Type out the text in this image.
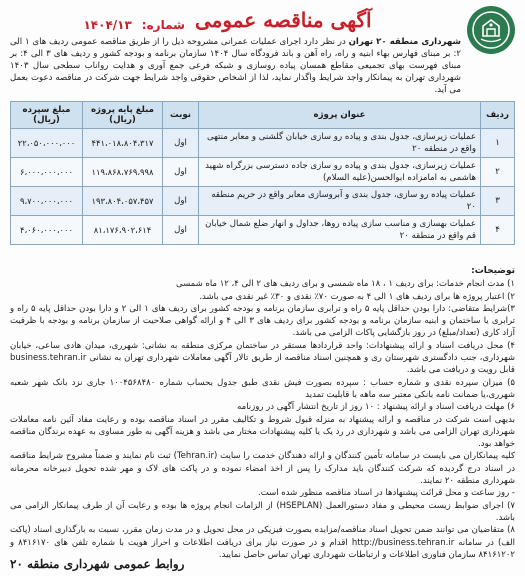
آگهی مناقصه عمومی
شماره:
۱۴۰۴/۱۳
شهرداری منطقه ۲۰ تهران در نظر دارد اجرای عملیات عمرانی مشروحه ذیل را از طریق مناقصه عمومی ردیف های ۱ الی ۲: بر مبنای فهارس بهاء ابنیه و راه، راه آهن و باند فرودگاه سال ۱۴۰۴ سازمان برنامه و بودجه کشور و ردیف های ۳ الی ۴: بر مبنای فهرست بهای تجمیعی مقاطع همسان پیاده روسازی و شبکه فرعی جمع آوری و هدایت رواناب سطحی سال ۱۴۰۳ شهرداری تهران به پیمانکار واجد شرایط واگذار نماید، لذا از اشخاص حقوقی واجد شرایط جهت شرکت در مناقصه دعوت بعمل می آید.
ردیف	عنوان پروژه	نوبت	مبلغ پایه پروژه (ریال)	مبلغ سپرده (ریال)
۱	عملیات زیرسازی، جدول بندی و پیاده رو سازی خیابان گلشنی و معابر منتهی واقع در منطقه ۲۰	اول	۴۴۱،۰۱۸،۸۰۴،۳۱۷	۲۲،۰۵۰،۰۰۰،۰۰۰
۲	عملیات زیرسازی، جدول بندی و پیاده رو سازی جاده دسترسی بزرگراه شهید هاشمی به امامزاده ابوالحسن(علیه السلام)	اول	۱۱۹،۸۶۸،۷۶۹،۹۹۸	۶،۰۰۰،۰۰۰،۰۰۰
۳	عملیات پیاده رو سازی، جدول بندی و آبروسازی معابر واقع در حریم منطقه ۲۰	اول	۱۹۳،۸۰۴،۰۵۷،۴۵۷	۹،۷۰۰،۰۰۰،۰۰۰
۴	عملیات بهسازی و مناسب سازی پیاده روها، جداول و انهار ضلع شمال خیابان قم واقع در منطقه ۲۰	اول	۸۱،۱۷۶،۹۰۲،۶۱۴	۴،۰۶۰،۰۰۰،۰۰۰
توضیحات:

۱) مدت انجام خدمات: برای ردیف ۱ ، ۱۸ ماه شمسی و برای ردیف های ۲ الی ۴، ۱۲ ماه شمسی

۲) اعتبار پروژه ها برای ردیف های ۱ الی ۴ به صورت ۷۰٪ نقدی و ۳۰٪ غیر نقدی می باشد.

۳)شرایط متقاضی: دارا بودن حداقل پایه ۵ راه و ترابری سازمان برنامه و بودجه کشور برای ردیف های ۱ الی ۲ و دارا بودن حداقل پایه ۵ راه و ترابری یا ساختمان و ابنیه سازمان برنامه و بودجه کشور برای ردیف های ۳ الی ۴ و ارائه گواهی صلاحیت از سازمان برنامه و بودجه با ظرفیت آزاد کاری (تعداد/مبلغ) در روز بازگشایی پاکات الزامی می باشد.

۴) محل دریافت اسناد و ارائه پیشنهادات: واحد قراردادها مستقر در ساختمان مرکزی منطقه به نشانی: شهرری، میدان هادی ساعی، خیابان شهرداری، جنب دادگستری شهرستان ری و همچنین اسناد مناقصه از طریق تالار آگهی معاملات شهرداری تهران به نشانی business.tehran.ir قابل رویت و دریافت می باشد.

۵) میزان سپرده نقدی و شماره حساب : سپرده بصورت فیش نقدی طبق جدول بحساب شماره ۱۰۰۴۵۶۸۴۸۰ جاری نزد بانک شهر شعبه شهرری،یا ضمانت نامه بانکی معتبر سه ماهه با قابلیت تمدید

۶) مهلت دریافت اسناد و ارائه پیشنهاد : ۱۰ روز از تاریخ انتشار آگهی در روزنامه

بدیهی است شرکت در مناقصه و ارائه پیشنهاد به منزله قبول شروط و تکالیف مقرر در اسناد مناقصه بوده و رعایت مفاد آئین نامه معاملات شهرداری تهران الزامی می باشد و شهرداری در رد یک یا کلیه پیشنهادات مختار می باشد و هزینه آگهی به طور مساوی به عهده برندگان مناقصه خواهد بود.

کلیه پیمانکاران می بایست در سامانه تأمین کنندگان و ارائه دهندگان خدمت را سایت (Tehran.ir) ثبت نام نمایند و ضمناً مشروح شرایط مناقصه در اسناد درج گردیده که شرکت کنندگان باید مدارک را پس از اخذ امضاء نموده و در پاکت های لاک و مهر شده تحویل دبیرخانه محرمانه شهرداری منطقه ۲۰ نمایند.

- روز ساعت و محل قرائت پیشنهادها در اسناد مناقصه منظور شده است.

۷) اجرای ضوابط زیست محیطی و مفاد دستورالعمل (HSEPLAN) از الزامات انجام پروژه ها بوده و رعایت آن از طرف پیمانکار الزامی می باشد.

۸) متقاضیان می توانند ضمن تحویل اسناد مناقصه/مزایده بصورت فیزیکی در محل تحویل و در مدت زمان مقرر، نسبت به بارگذاری اسناد (پاکت الف) در سامانه http://business.tehran.ir اقدام و در صورت نیاز برای دریافت اطلاعات و احراز هویت با شماره تلفن های ۸۴۱۶۱۷۰ و ۸۴۱۶۱۲۰۲ سازمان فناوری اطلاعات و ارتباطات شهرداری تهران تماس حاصل نمایید.

روابط عمومی شهرداری منطقه ۲۰
